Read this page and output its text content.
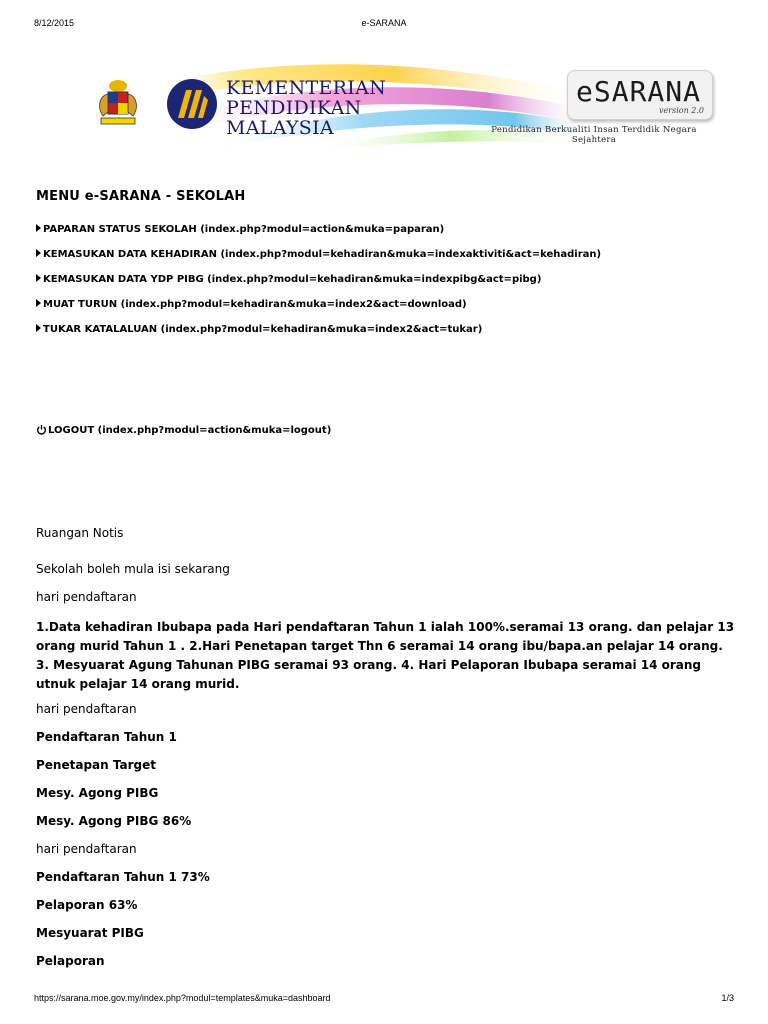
8/12/2015	e-SARANA
KEMENTERIAN
PENDIDIKAN
MALAYSIA
eSARANA
version 2.0
Pendidikan Berkualiti Insan Terdidik Negara Sejahtera
MENU e-SARANA - SEKOLAH
PAPARAN STATUS SEKOLAH (index.php?modul=action&muka=paparan)
KEMASUKAN DATA KEHADIRAN (index.php?modul=kehadiran&muka=indexaktiviti&act=kehadiran)
KEMASUKAN DATA YDP PIBG (index.php?modul=kehadiran&muka=indexpibg&act=pibg)
MUAT TURUN (index.php?modul=kehadiran&muka=index2&act=download)
TUKAR KATALALUAN (index.php?modul=kehadiran&muka=index2&act=tukar)
LOGOUT (index.php?modul=action&muka=logout)

Ruangan Notis

Sekolah boleh mula isi sekarang

hari pendaftaran

1.Data kehadiran Ibubapa pada Hari pendaftaran Tahun 1 ialah 100%.seramai 13 orang. dan pelajar 13 orang murid Tahun 1 . 2.Hari Penetapan target Thn 6 seramai 14 orang ibu/bapa.an pelajar 14 orang. 3. Mesyuarat Agung Tahunan PIBG seramai 93 orang. 4. Hari Pelaporan Ibubapa seramai 14 orang utnuk pelajar 14 orang murid.

hari pendaftaran

Pendaftaran Tahun 1

Penetapan Target

Mesy. Agong PIBG

Mesy. Agong PIBG 86%

hari pendaftaran

Pendaftaran Tahun 1 73%

Pelaporan 63%

Mesyuarat PIBG

Pelaporan

https://sarana.moe.gov.my/index.php?modul=templates&muka=dashboard	1/3
